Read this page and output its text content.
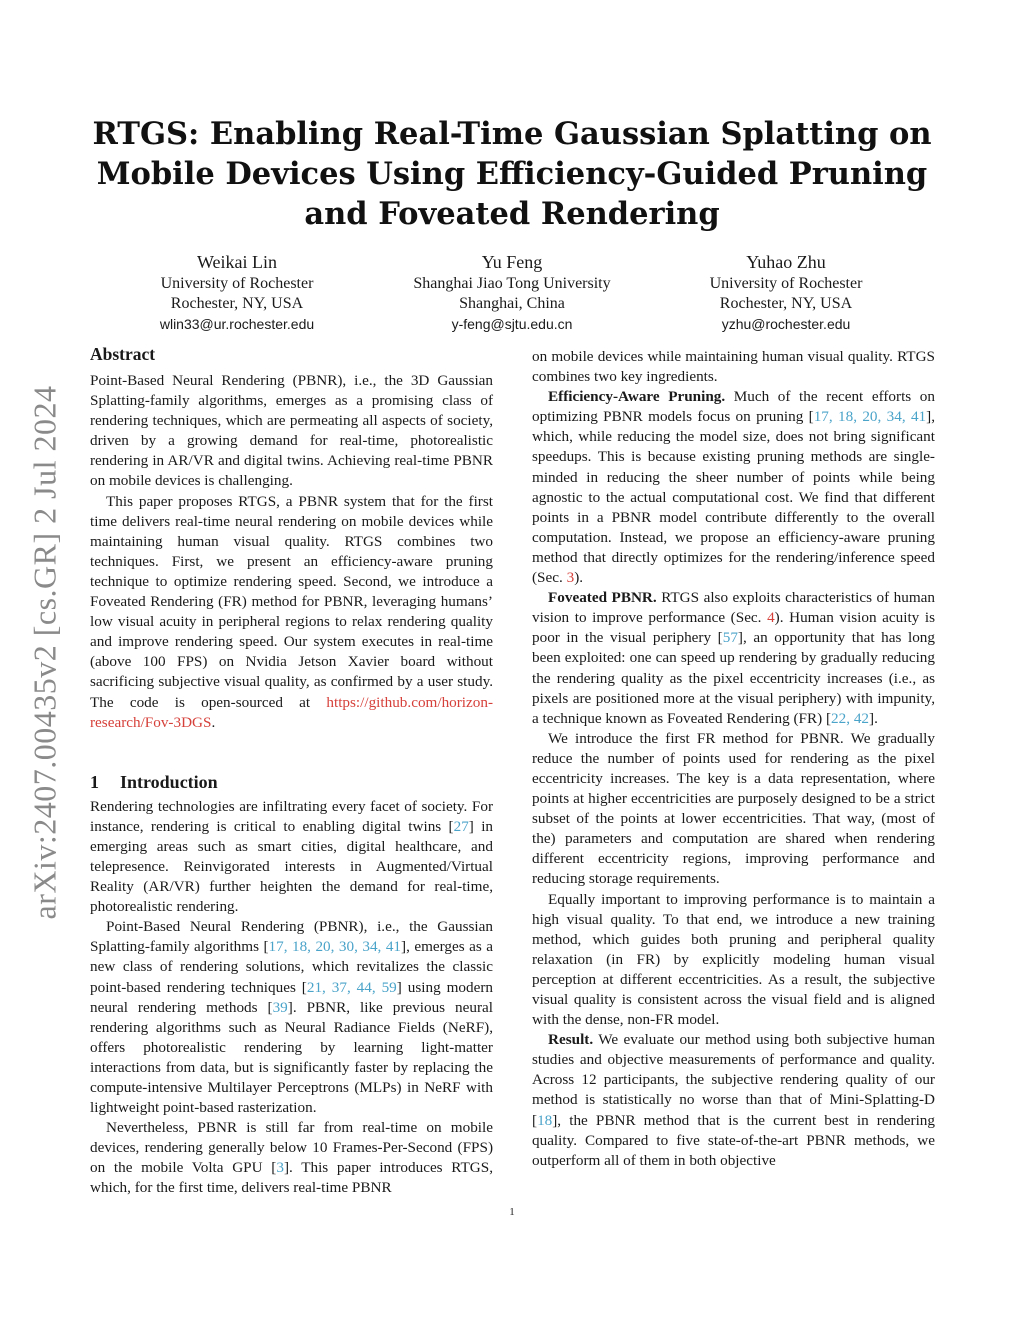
arXiv:2407.00435v2 [cs.GR] 2 Jul 2024
RTGS: Enabling Real-Time Gaussian Splatting on Mobile Devices Using Efficiency-Guided Pruning and Foveated Rendering
Weikai Lin
University of Rochester
Rochester, NY, USA
wlin33@ur.rochester.edu
Yu Feng
Shanghai Jiao Tong University
Shanghai, China
y-feng@sjtu.edu.cn
Yuhao Zhu
University of Rochester
Rochester, NY, USA
yzhu@rochester.edu
Abstract

Point-Based Neural Rendering (PBNR), i.e., the 3D Gaussian Splatting-family algorithms, emerges as a promising class of rendering techniques, which are permeating all aspects of society, driven by a growing demand for real-time, photorealistic rendering in AR/VR and digital twins. Achieving real-time PBNR on mobile devices is challenging.

This paper proposes RTGS, a PBNR system that for the first time delivers real-time neural rendering on mobile devices while maintaining human visual quality. RTGS combines two techniques. First, we present an efficiency-aware pruning technique to optimize rendering speed. Second, we introduce a Foveated Rendering (FR) method for PBNR, leveraging humans’ low visual acuity in peripheral regions to relax rendering quality and improve rendering speed. Our system executes in real-time (above 100 FPS) on Nvidia Jetson Xavier board without sacrificing subjective visual quality, as confirmed by a user study. The code is open-sourced at https://github.com/horizon-research/Fov-3DGS.

1 Introduction

Rendering technologies are infiltrating every facet of society. For instance, rendering is critical to enabling digital twins [27] in emerging areas such as smart cities, digital healthcare, and telepresence. Reinvigorated interests in Augmented/Virtual Reality (AR/VR) further heighten the demand for real-time, photorealistic rendering.

Point-Based Neural Rendering (PBNR), i.e., the Gaussian Splatting-family algorithms [17, 18, 20, 30, 34, 41], emerges as a new class of rendering solutions, which revitalizes the classic point-based rendering techniques [21, 37, 44, 59] using modern neural rendering methods [39]. PBNR, like previous neural rendering algorithms such as Neural Radiance Fields (NeRF), offers photorealistic rendering by learning light-matter interactions from data, but is significantly faster by replacing the compute-intensive Multilayer Perceptrons (MLPs) in NeRF with lightweight point-based rasterization.

Nevertheless, PBNR is still far from real-time on mobile devices, rendering generally below 10 Frames-Per-Second (FPS) on the mobile Volta GPU [3]. This paper introduces RTGS, which, for the first time, delivers real-time PBNR

on mobile devices while maintaining human visual quality. RTGS combines two key ingredients.

Efficiency-Aware Pruning. Much of the recent efforts on optimizing PBNR models focus on pruning [17, 18, 20, 34, 41], which, while reducing the model size, does not bring significant speedups. This is because existing pruning methods are single-minded in reducing the sheer number of points while being agnostic to the actual computational cost. We find that different points in a PBNR model contribute differently to the overall computation. Instead, we propose an efficiency-aware pruning method that directly optimizes for the rendering/inference speed (Sec. 3).

Foveated PBNR. RTGS also exploits characteristics of human vision to improve performance (Sec. 4). Human vision acuity is poor in the visual periphery [57], an opportunity that has long been exploited: one can speed up rendering by gradually reducing the rendering quality as the pixel eccentricity increases (i.e., as pixels are positioned more at the visual periphery) with impunity, a technique known as Foveated Rendering (FR) [22, 42].

We introduce the first FR method for PBNR. We gradually reduce the number of points used for rendering as the pixel eccentricity increases. The key is a data representation, where points at higher eccentricities are purposely designed to be a strict subset of the points at lower eccentricities. That way, (most of the) parameters and computation are shared when rendering different eccentricity regions, improving performance and reducing storage requirements.

Equally important to improving performance is to maintain a high visual quality. To that end, we introduce a new training method, which guides both pruning and peripheral quality relaxation (in FR) by explicitly modeling human visual perception at different eccentricities. As a result, the subjective visual quality is consistent across the visual field and is aligned with the dense, non-FR model.

Result. We evaluate our method using both subjective human studies and objective measurements of performance and quality. Across 12 participants, the subjective rendering quality of our method is statistically no worse than that of Mini-Splatting-D [18], the PBNR method that is the current best in rendering quality. Compared to five state-of-the-art PBNR methods, we outperform all of them in both objective

1
